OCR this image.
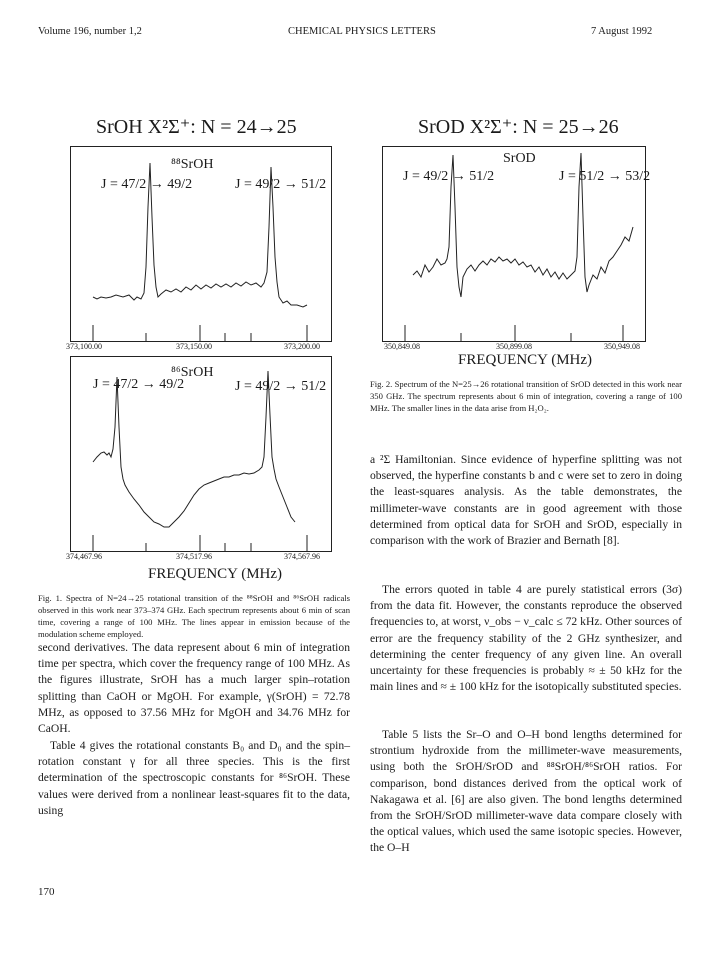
Volume 196, number 1,2	CHEMICAL PHYSICS LETTERS	7 August 1992
SrOH X²Σ⁺: N = 24→25
⁸⁸SrOH
J = 47/2 → 49/2	J = 49/2 → 51/2
373,100.00	373,150.00	373,200.00
⁸⁶SrOH
J = 47/2 → 49/2	J = 49/2 → 51/2
374,467.96	374,517.96	374,567.96
FREQUENCY (MHz)
Fig. 1. Spectra of N=24→25 rotational transition of the ⁸⁸SrOH and ⁸⁶SrOH radicals observed in this work near 373–374 GHz. Each spectrum represents about 6 min of scan time, covering a range of 100 MHz. The lines appear in emission because of the modulation scheme employed.
SrOD X²Σ⁺: N = 25→26
SrOD
J = 49/2 → 51/2	J = 51/2 → 53/2
350,849.08	350,899.08	350,949.08
FREQUENCY (MHz)
Fig. 2. Spectrum of the N=25→26 rotational transition of SrOD detected in this work near 350 GHz. The spectrum represents about 6 min of integration, covering a range of 100 MHz. The smaller lines in the data arise from H₂O₂.
second derivatives. The data represent about 6 min of integration time per spectra, which cover the frequency range of 100 MHz. As the figures illustrate, SrOH has a much larger spin–rotation splitting than CaOH or MgOH. For example, γ(SrOH) = 72.78 MHz, as opposed to 37.56 MHz for MgOH and 34.76 MHz for CaOH.
Table 4 gives the rotational constants B₀ and D₀ and the spin–rotation constant γ for all three species. This is the first determination of the spectroscopic constants for ⁸⁶SrOH. These values were derived from a nonlinear least-squares fit to the data, using
a ²Σ Hamiltonian. Since evidence of hyperfine splitting was not observed, the hyperfine constants b and c were set to zero in doing the least-squares analysis. As the table demonstrates, the millimeter-wave constants are in good agreement with those determined from optical data for SrOH and SrOD, especially in comparison with the work of Brazier and Bernath [8].
The errors quoted in table 4 are purely statistical errors (3σ) from the data fit. However, the constants reproduce the observed frequencies to, at worst, ν_obs − ν_calc ≤ 72 kHz. Other sources of error are the frequency stability of the 2 GHz synthesizer, and determining the center frequency of any given line. An overall uncertainty for these frequencies is probably ≈ ± 50 kHz for the main lines and ≈ ± 100 kHz for the isotopically substituted species.
Table 5 lists the Sr–O and O–H bond lengths determined for strontium hydroxide from the millimeter-wave measurements, using both the SrOH/SrOD and ⁸⁸SrOH/⁸⁶SrOH ratios. For comparison, bond distances derived from the optical work of Nakagawa et al. [6] are also given. The bond lengths determined from the SrOH/SrOD millimeter-wave data compare closely with the optical values, which used the same isotopic species. However, the O–H
170
